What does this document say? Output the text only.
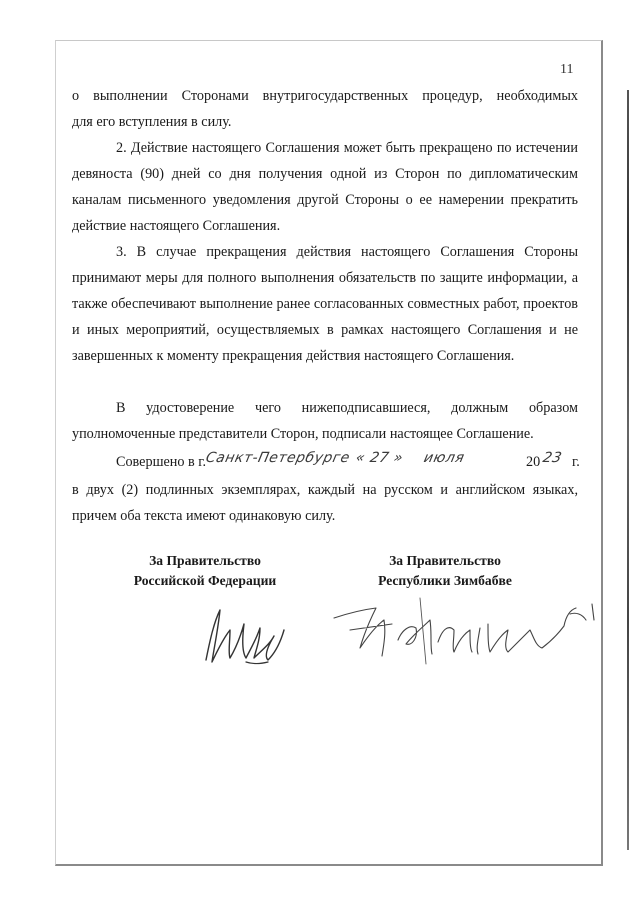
11

о выполнении Сторонами внутригосударственных процедур, необходимых

для его вступления в силу.

2. Действие настоящего Соглашения может быть прекращено по истечении девяноста (90) дней со дня получения одной из Сторон по дипломатическим каналам письменного уведомления другой Стороны о ее намерении прекратить действие настоящего Соглашения.

3. В случае прекращения действия настоящего Соглашения Стороны принимают меры для полного выполнения обязательств по защите информации, а также обеспечивают выполнение ранее согласованных совместных работ, проектов и иных мероприятий, осуществляемых в рамках настоящего Соглашения и не завершенных к моменту прекращения действия настоящего Соглашения.

В удостоверение чего нижеподписавшиеся, должным образом уполномоченные представители Сторон, подписали настоящее Соглашение.

Совершено в г.
Санкт-Петербурге « 27 » июля	20 23 г.

в двух (2) подлинных экземплярах, каждый на русском и английском языках, причем оба текста имеют одинаковую силу.

За Правительство
Российской Федерации
За Правительство
Республики Зимбабве
